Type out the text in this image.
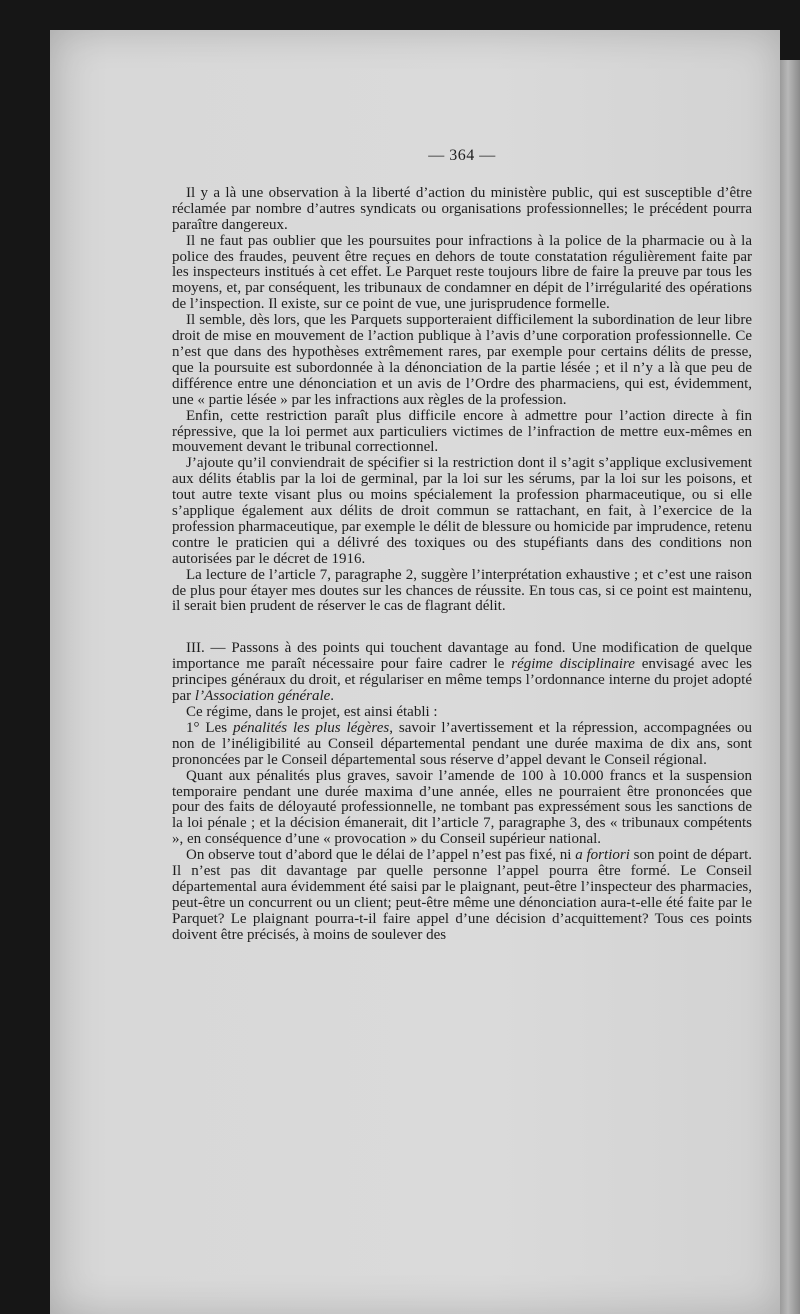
— 364 —

Il y a là une observation à la liberté d’action du ministère public, qui est susceptible d’être réclamée par nombre d’autres syndicats ou organisations professionnelles; le précédent pourra paraître dangereux.

Il ne faut pas oublier que les poursuites pour infractions à la police de la pharmacie ou à la police des fraudes, peuvent être reçues en dehors de toute constatation régulièrement faite par les inspecteurs institués à cet effet. Le Parquet reste toujours libre de faire la preuve par tous les moyens, et, par conséquent, les tribunaux de condamner en dépit de l’irrégularité des opérations de l’inspection. Il existe, sur ce point de vue, une jurisprudence formelle.

Il semble, dès lors, que les Parquets supporteraient difficilement la subordination de leur libre droit de mise en mouvement de l’action publique à l’avis d’une corporation professionnelle. Ce n’est que dans des hypothèses extrêmement rares, par exemple pour certains délits de presse, que la poursuite est subordonnée à la dénonciation de la partie lésée ; et il n’y a là que peu de différence entre une dénonciation et un avis de l’Ordre des pharmaciens, qui est, évidemment, une « partie lésée » par les infractions aux règles de la profession.

Enfin, cette restriction paraît plus difficile encore à admettre pour l’action directe à fin répressive, que la loi permet aux particuliers victimes de l’infraction de mettre eux-mêmes en mouvement devant le tribunal correctionnel.

J’ajoute qu’il conviendrait de spécifier si la restriction dont il s’agit s’applique exclusivement aux délits établis par la loi de germinal, par la loi sur les sérums, par la loi sur les poisons, et tout autre texte visant plus ou moins spécialement la profession pharmaceutique, ou si elle s’applique également aux délits de droit commun se rattachant, en fait, à l’exercice de la profession pharmaceutique, par exemple le délit de blessure ou homicide par imprudence, retenu contre le praticien qui a délivré des toxiques ou des stupéfiants dans des conditions non autorisées par le décret de 1916.

La lecture de l’article 7, paragraphe 2, suggère l’interprétation exhaustive ; et c’est une raison de plus pour étayer mes doutes sur les chances de réussite. En tous cas, si ce point est maintenu, il serait bien prudent de réserver le cas de flagrant délit.

III. — Passons à des points qui touchent davantage au fond. Une modification de quelque importance me paraît nécessaire pour faire cadrer le régime disciplinaire envisagé avec les principes généraux du droit, et régulariser en même temps l’ordonnance interne du projet adopté par l’Association générale.

Ce régime, dans le projet, est ainsi établi :

1° Les pénalités les plus légères, savoir l’avertissement et la répression, accompagnées ou non de l’inéligibilité au Conseil départemental pendant une durée maxima de dix ans, sont prononcées par le Conseil départemental sous réserve d’appel devant le Conseil régional.

Quant aux pénalités plus graves, savoir l’amende de 100 à 10.000 francs et la suspension temporaire pendant une durée maxima d’une année, elles ne pourraient être prononcées que pour des faits de déloyauté professionnelle, ne tombant pas expressément sous les sanctions de la loi pénale ; et la décision émanerait, dit l’article 7, paragraphe 3, des « tribunaux compétents », en conséquence d’une « provocation » du Conseil supérieur national.

On observe tout d’abord que le délai de l’appel n’est pas fixé, ni a fortiori son point de départ. Il n’est pas dit davantage par quelle personne l’appel pourra être formé. Le Conseil départemental aura évidemment été saisi par le plaignant, peut-être l’inspecteur des pharmacies, peut-être un concurrent ou un client; peut-être même une dénonciation aura-t-elle été faite par le Parquet? Le plaignant pourra-t-il faire appel d’une décision d’acquittement? Tous ces points doivent être précisés, à moins de soulever des
